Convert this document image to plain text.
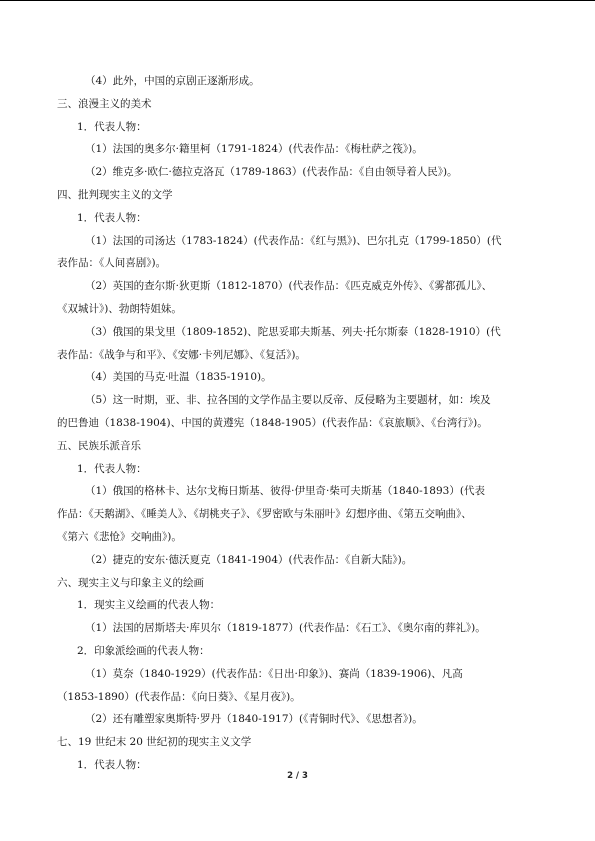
（4）此外，中国的京剧正逐渐形成。
三、浪漫主义的美术
1．代表人物：
（1）法国的奥多尔·籍里柯（1791-1824）(代表作品：《梅杜萨之筏》)。
（2）维克多·欧仁·德拉克洛瓦（1789-1863）(代表作品：《自由领导着人民》)。
四、批判现实主义的文学
1．代表人物：
（1）法国的司汤达（1783-1824）(代表作品：《红与黑》)、巴尔扎克（1799-1850）(代
表作品：《人间喜剧》)。
（2）英国的查尔斯·狄更斯（1812-1870）(代表作品：《匹克威克外传》、《雾都孤儿》、
《双城计》)、勃朗特姐妹。
（3）俄国的果戈里（1809-1852)、陀思妥耶夫斯基、列夫·托尔斯泰（1828-1910）(代
表作品：《战争与和平》、《安娜·卡列尼娜》、《复活》)。
（4）美国的马克·吐温（1835-1910)。
（5）这一时期，亚、非、拉各国的文学作品主要以反帝、反侵略为主要题材，如：埃及
的巴鲁迪（1838-1904)、中国的黄遵宪（1848-1905）(代表作品：《哀旅顺》、《台湾行》)。
五、民族乐派音乐
1．代表人物：
（1）俄国的格林卡、达尔戈梅日斯基、彼得·伊里奇·柴可夫斯基（1840-1893）(代表
作品：《天鹅湖》、《睡美人》、《胡桃夹子》、《罗密欧与朱丽叶》幻想序曲、《第五交响曲》、
《第六《悲怆》交响曲》)。
（2）捷克的安东·德沃夏克（1841-1904）(代表作品：《自新大陆》)。
六、现实主义与印象主义的绘画
1．现实主义绘画的代表人物：
（1）法国的居斯塔夫·库贝尔（1819-1877）(代表作品：《石工》、《奥尔南的葬礼》)。
2．印象派绘画的代表人物：
（1）莫奈（1840-1929）(代表作品：《日出·印象》)、赛尚（1839-1906)、凡高
（1853-1890）(代表作品：《向日葵》、《星月夜》)。
（2）还有雕塑家奥斯特·罗丹（1840-1917）(《青铜时代》、《思想者》)。
七、19 世纪末 20 世纪初的现实主义文学
1．代表人物：
2 / 3
